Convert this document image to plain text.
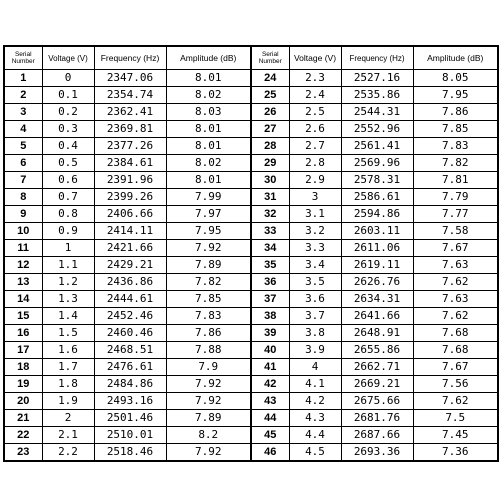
Serial
Number	Voltage (V)	Frequency (Hz)	Amplitude (dB)	Serial
Number	Voltage (V)	Frequency (Hz)	Amplitude (dB)
1	0	2347.06	8.01	24	2.3	2527.16	8.05
2	0.1	2354.74	8.02	25	2.4	2535.86	7.95
3	0.2	2362.41	8.03	26	2.5	2544.31	7.86
4	0.3	2369.81	8.01	27	2.6	2552.96	7.85
5	0.4	2377.26	8.01	28	2.7	2561.41	7.83
6	0.5	2384.61	8.02	29	2.8	2569.96	7.82
7	0.6	2391.96	8.01	30	2.9	2578.31	7.81
8	0.7	2399.26	7.99	31	3	2586.61	7.79
9	0.8	2406.66	7.97	32	3.1	2594.86	7.77
10	0.9	2414.11	7.95	33	3.2	2603.11	7.58
11	1	2421.66	7.92	34	3.3	2611.06	7.67
12	1.1	2429.21	7.89	35	3.4	2619.11	7.63
13	1.2	2436.86	7.82	36	3.5	2626.76	7.62
14	1.3	2444.61	7.85	37	3.6	2634.31	7.63
15	1.4	2452.46	7.83	38	3.7	2641.66	7.62
16	1.5	2460.46	7.86	39	3.8	2648.91	7.68
17	1.6	2468.51	7.88	40	3.9	2655.86	7.68
18	1.7	2476.61	7.9	41	4	2662.71	7.67
19	1.8	2484.86	7.92	42	4.1	2669.21	7.56
20	1.9	2493.16	7.92	43	4.2	2675.66	7.62
21	2	2501.46	7.89	44	4.3	2681.76	7.5
22	2.1	2510.01	8.2	45	4.4	2687.66	7.45
23	2.2	2518.46	7.92	46	4.5	2693.36	7.36
